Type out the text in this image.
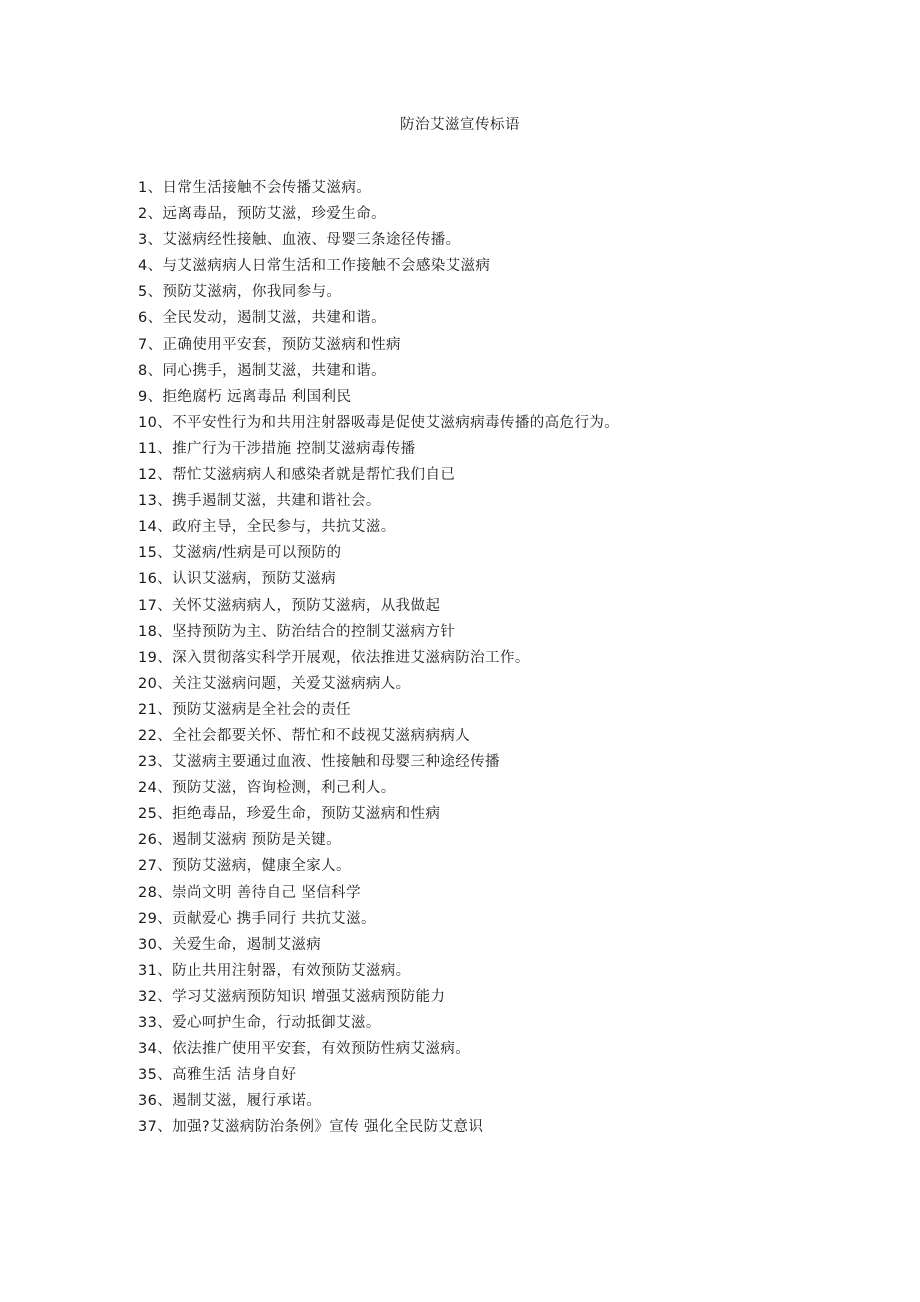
防治艾滋宣传标语
1、日常生活接触不会传播艾滋病。
2、远离毒品，预防艾滋，珍爱生命。
3、艾滋病经性接触、血液、母婴三条途径传播。
4、与艾滋病病人日常生活和工作接触不会感染艾滋病
5、预防艾滋病，你我同参与。
6、全民发动，遏制艾滋，共建和谐。
7、正确使用平安套，预防艾滋病和性病
8、同心携手，遏制艾滋，共建和谐。
9、拒绝腐朽 远离毒品 利国利民
10、不平安性行为和共用注射器吸毒是促使艾滋病病毒传播的高危行为。
11、推广行为干涉措施 控制艾滋病毒传播
12、帮忙艾滋病病人和感染者就是帮忙我们自已
13、携手遏制艾滋，共建和谐社会。
14、政府主导，全民参与，共抗艾滋。
15、艾滋病/性病是可以预防的
16、认识艾滋病，预防艾滋病
17、关怀艾滋病病人，预防艾滋病，从我做起
18、坚持预防为主、防治结合的控制艾滋病方针
19、深入贯彻落实科学开展观，依法推进艾滋病防治工作。
20、关注艾滋病问题，关爱艾滋病病人。
21、预防艾滋病是全社会的责任
22、全社会都要关怀、帮忙和不歧视艾滋病病病人
23、艾滋病主要通过血液、性接触和母婴三种途经传播
24、预防艾滋，咨询检测，利己利人。
25、拒绝毒品，珍爱生命，预防艾滋病和性病
26、遏制艾滋病 预防是关键。
27、预防艾滋病，健康全家人。
28、崇尚文明 善待自己 坚信科学
29、贡献爱心 携手同行 共抗艾滋。
30、关爱生命，遏制艾滋病
31、防止共用注射器，有效预防艾滋病。
32、学习艾滋病预防知识 增强艾滋病预防能力
33、爱心呵护生命，行动抵御艾滋。
34、依法推广使用平安套，有效预防性病艾滋病。
35、高雅生活 洁身自好
36、遏制艾滋，履行承诺。
37、加强?艾滋病防治条例》宣传 强化全民防艾意识
